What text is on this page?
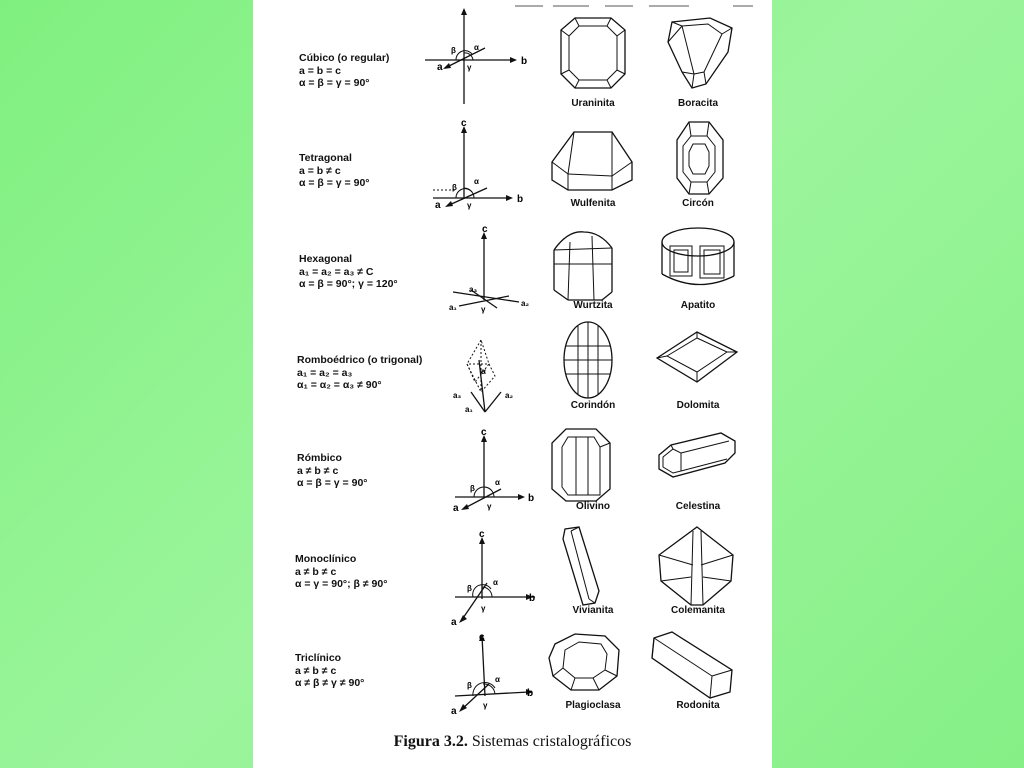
Cúbico (o regular)
a = b = c
α = β = γ = 90°
b
a
β α
γ
Uraninita	Boracita
Tetragonal
a = b ≠ c
α = β = γ = 90°
c
b
a
β
α
γ	Wulfenita	Circón
Hexagonal
a₁ = a₂ = a₃ ≠ C
α = β = 90°; γ = 120°
c
a₃
a₂
a₁	γ	Wurtzita	Apatito
Romboédrico (o trigonal)
a₁ = a₂ = a₃
α₁ = α₂ = α₃ ≠ 90°
a₃	a₂
a₁
α
Corindón	Dolomita
Rómbico
a ≠ b ≠ c
α = β = γ = 90°
c
b
a
β
α
γ	Olivino	Celestina
Monoclínico
a ≠ b ≠ c
α = γ = 90°; β ≠ 90°
c
b
a
β
α
γ	Vivianita	Colemanita
Triclínico
a ≠ b ≠ c
α ≠ β ≠ γ ≠ 90°
c
b
a
β
α
γ	Plagioclasa	Rodonita
Figura 3.2. Sistemas cristalográficos
